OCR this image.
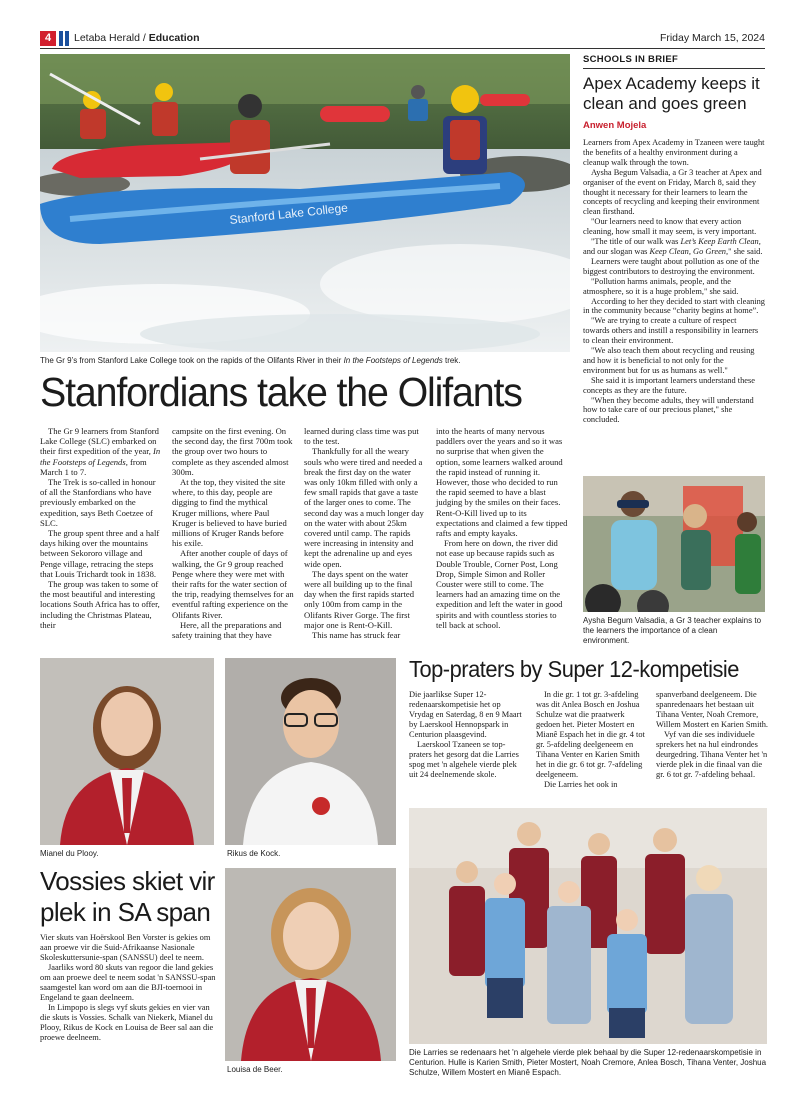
4	Letaba Herald / Education	Friday March 15, 2024
Stanford Lake College
The Gr 9’s from Stanford Lake College took on the rapids of the Olifants River in their In the Footsteps of Legends trek.
Stanfordians take the Olifants

The Gr 9 learners from Stanford Lake College (SLC) embarked on their first expedition of the year, In the Footsteps of Legends, from March 1 to 7.

The Trek is so-called in honour of all the Stanfordians who have previously embarked on the expedition, says Beth Coetzee of SLC.

The group spent three and a half days hiking over the mountains between Sekororo village and Penge village, retracing the steps that Louis Trichardt took in 1838.

The group was taken to some of the most beautiful and interesting locations South Africa has to offer, including the Christmas Plateau, their

campsite on the first evening. On the second day, the first 700m took the group over two hours to complete as they ascended almost 300m.

At the top, they visited the site where, to this day, people are digging to find the mythical Kruger millions, where Paul Kruger is believed to have buried millions of Kruger Rands before his exile.

After another couple of days of walking, the Gr 9 group reached Penge where they were met with their rafts for the water section of the trip, readying themselves for an eventful rafting experience on the Olifants River.

Here, all the preparations and safety training that they have

learned during class time was put to the test.

Thankfully for all the weary souls who were tired and needed a break the first day on the water was only 10km filled with only a few small rapids that gave a taste of the larger ones to come. The second day was a much longer day on the water with about 25km covered until camp. The rapids were increasing in intensity and kept the adrenaline up and eyes wide open.

The days spent on the water were all building up to the final day when the first rapids started only 100m from camp in the Olifants River Gorge. The first major one is Rent-O-Kill.

This name has struck fear

into the hearts of many nervous paddlers over the years and so it was no surprise that when given the option, some learners walked around the rapid instead of running it. However, those who decided to run the rapid seemed to have a blast judging by the smiles on their faces. Rent-O-Kill lived up to its expectations and claimed a few tipped rafts and empty kayaks.

From here on down, the river did not ease up because rapids such as Double Trouble, Corner Post, Long Drop, Simple Simon and Roller Couster were still to come. The learners had an amazing time on the expedition and left the water in good spirits and with countless stories to tell back at school.

SCHOOLS IN BRIEF
Apex Academy keeps it clean and goes green
Anwen Mojela

Learners from Apex Academy in Tzaneen were taught the benefits of a healthy environment during a cleanup walk through the town.

Aysha Begum Valsadia, a Gr 3 teacher at Apex and organiser of the event on Friday, March 8, said they thought it necessary for their learners to learn the concepts of recycling and keeping their environment clean firsthand.

"Our learners need to know that every action cleaning, how small it may seem, is very important.

"The title of our walk was Let’s Keep Earth Clean, and our slogan was Keep Clean, Go Green," she said.

Learners were taught about pollution as one of the biggest contributors to destroying the environment.

"Pollution harms animals, people, and the atmosphere, so it is a huge problem," she said.

According to her they decided to start with cleaning in the community because “charity begins at home”.

"We are trying to create a culture of respect towards others and instill a responsibility in learners to clean their environment.

"We also teach them about recycling and reusing and how it is beneficial to not only for the environment but for us as humans as well."

She said it is important learners understand these concepts as they are the future.

"When they become adults, they will understand how to take care of our precious planet," she concluded.

Aysha Begum Valsadia, a Gr 3 teacher explains to the learners the importance of a clean environment.
Mianel du Plooy.	Rikus de Kock.
Vossies skiet vir plek in SA span

Vier skuts van Hoërskool Ben Vorster is gekies om aan proewe vir die Suid-Afrikaanse Nasionale Skoleskuttersunie-span (SANSSU) deel te neem.

Jaarliks word 80 skuts van regoor die land gekies om aan proewe deel te neem sodat 'n SANSSU-span saamgestel kan word om aan die BJI-toernooi in Engeland te gaan deelneem.

In Limpopo is slegs vyf skuts gekies en vier van die skuts is Vossies. Schalk van Niekerk, Mianel du Plooy, Rikus de Kock en Louisa de Beer sal aan die proewe deelneem.

Louisa de Beer.
Top-praters by Super 12-kompetisie

Die jaarlikse Super 12-redenaarskompetisie het op Vrydag en Saterdag, 8 en 9 Maart by Laerskool Hennopspark in Centurion plaasgevind.

Laerskool Tzaneen se top-praters het gesorg dat die Larries spog met 'n algehele vierde plek uit 24 deelnemende skole.

In die gr. 1 tot gr. 3-afdeling was dit Anlea Bosch en Joshua Schulze wat die praatwerk gedoen het. Pieter Mostert en Mianê Espach het in die gr. 4 tot gr. 5-afdeling deelgeneem en Tihana Venter en Karien Smith het in die gr. 6 tot gr. 7-afdeling deelgeneem.

Die Larries het ook in

spanverband deelgeneem. Die spanredenaars het bestaan uit Tihana Venter, Noah Cremore, Willem Mostert en Karien Smith.

Vyf van die ses individuele sprekers het na hul eindrondes deurgedring. Tihana Venter het 'n vierde plek in die finaal van die gr. 6 tot gr. 7-afdeling behaal.

Die Larries se redenaars het 'n algehele vierde plek behaal by die Super 12-redenaarskompetisie in Centurion. Hulle is Karien Smith, Pieter Mostert, Noah Cremore, Anlea Bosch, Tihana Venter, Joshua Schulze, Willem Mostert en Mianê Espach.
